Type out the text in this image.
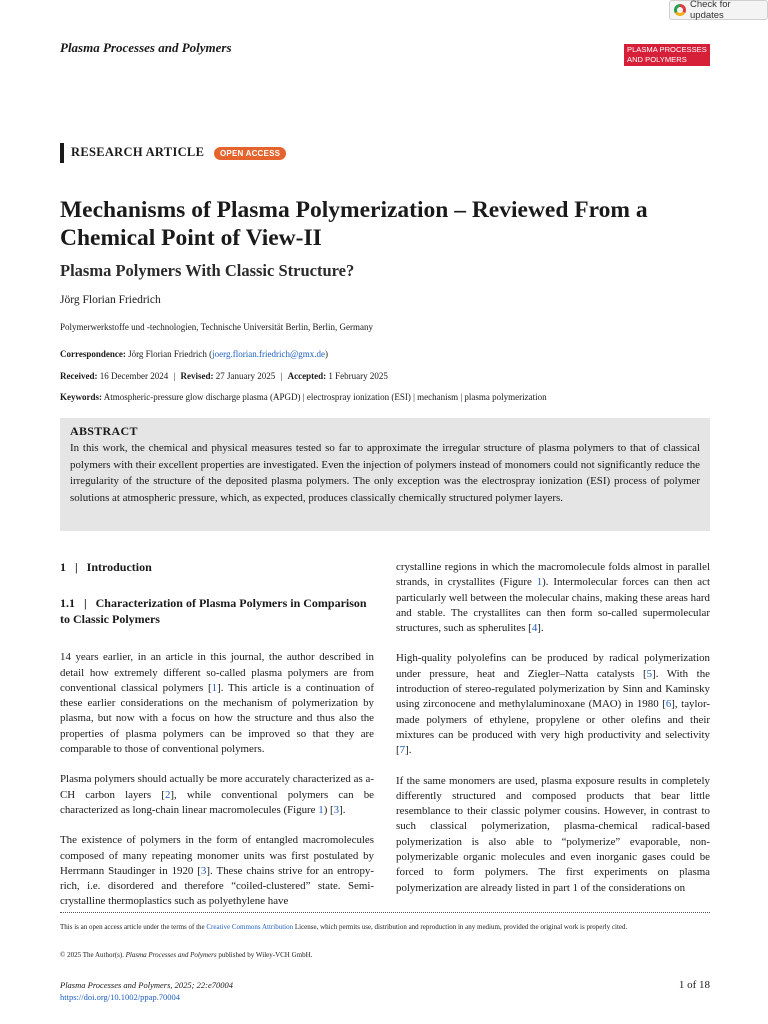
Check for updates
Plasma Processes and Polymers	PLASMA PROCESSES
AND POLYMERS
RESEARCH ARTICLE	OPEN ACCESS
Mechanisms of Plasma Polymerization – Reviewed From a Chemical Point of View-II
Plasma Polymers With Classic Structure?
Jörg Florian Friedrich
Polymerwerkstoffe und -technologien, Technische Universität Berlin, Berlin, Germany
Correspondence: Jörg Florian Friedrich (joerg.florian.friedrich@gmx.de)
Received: 16 December 2024 | Revised: 27 January 2025 | Accepted: 1 February 2025
Keywords: Atmospheric-pressure glow discharge plasma (APGD) | electrospray ionization (ESI) | mechanism | plasma polymerization
ABSTRACT

In this work, the chemical and physical measures tested so far to approximate the irregular structure of plasma polymers to that of classical polymers with their excellent properties are investigated. Even the injection of polymers instead of monomers could not significantly reduce the irregularity of the structure of the deposited plasma polymers. The only exception was the electrospray ionization (ESI) process of polymer solutions at atmospheric pressure, which, as expected, produces classically chemically structured polymer layers.

1   |   Introduction
1.1   |   Characterization of Plasma Polymers in Comparison to Classic Polymers

14 years earlier, in an article in this journal, the author described in detail how extremely different so-called plasma polymers are from conventional classical polymers [1]. This article is a continuation of these earlier considerations on the mechanism of polymerization by plasma, but now with a focus on how the structure and thus also the properties of plasma polymers can be improved so that they are comparable to those of conventional polymers.

Plasma polymers should actually be more accurately characterized as a-CH carbon layers [2], while conventional polymers can be characterized as long-chain linear macromolecules (Figure 1) [3].

The existence of polymers in the form of entangled macromolecules composed of many repeating monomer units was first postulated by Herrmann Staudinger in 1920 [3]. These chains strive for an entropy-rich, i.e. disordered and therefore “coiled-clustered” state. Semi-crystalline thermoplastics such as polyethylene have

crystalline regions in which the macromolecule folds almost in parallel strands, in crystallites (Figure 1). Intermolecular forces can then act particularly well between the molecular chains, making these areas hard and stable. The crystallites can then form so-called supermolecular structures, such as spherulites [4].

High-quality polyolefins can be produced by radical polymerization under pressure, heat and Ziegler–Natta catalysts [5]. With the introduction of stereo-regulated polymerization by Sinn and Kaminsky using zirconocene and methylaluminoxane (MAO) in 1980 [6], taylor-made polymers of ethylene, propylene or other olefins and their mixtures can be produced with very high productivity and selectivity [7].

If the same monomers are used, plasma exposure results in completely differently structured and composed products that bear little resemblance to their classic polymer cousins. However, in contrast to such classical polymerization, plasma-chemical radical-based polymerization is also able to “polymerize” evaporable, non-polymerizable organic molecules and even inorganic gases could be forced to form polymers. The first experiments on plasma polymerization are already listed in part 1 of the considerations on

This is an open access article under the terms of the Creative Commons Attribution License, which permits use, distribution and reproduction in any medium, provided the original work is properly cited.
© 2025 The Author(s). Plasma Processes and Polymers published by Wiley-VCH GmbH.
Plasma Processes and Polymers, 2025; 22:e70004
https://doi.org/10.1002/ppap.70004
1 of 18
